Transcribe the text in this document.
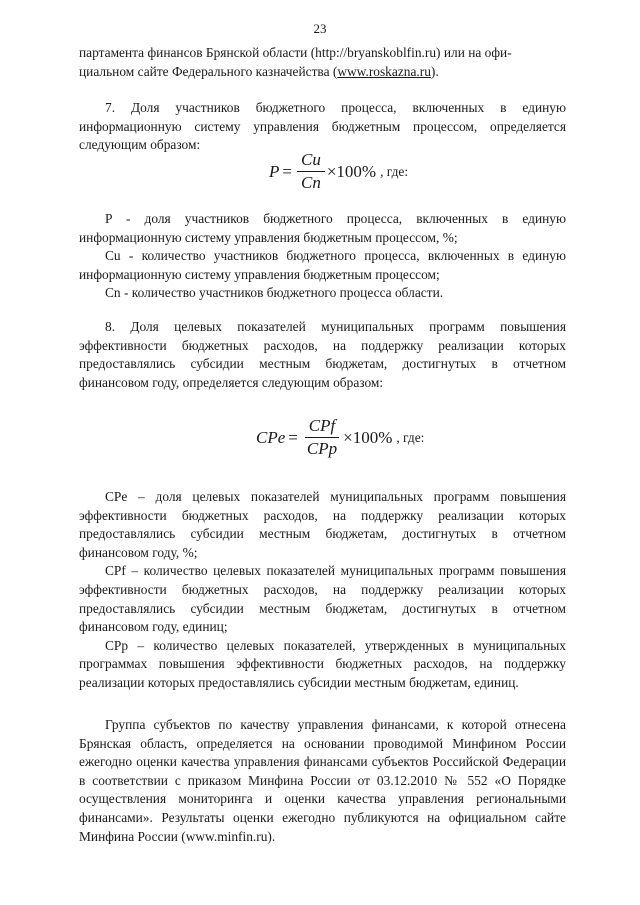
23

партамента финансов Брянской области (http://bryanskoblfin.ru) или на офи-

циальном сайте Федерального казначейства (www.roskazna.ru).

7. Доля участников бюджетного процесса, включенных в единую информационную систему управления бюджетным процессом, определяется следующим образом:

$P = \frac{Cu}{Cn} \times 100\%$ , где:

P - доля участников бюджетного процесса, включенных в единую информационную систему управления бюджетным процессом, %;

Cu - количество участников бюджетного процесса, включенных в единую информационную систему управления бюджетным процессом;

Cn - количество участников бюджетного процесса области.

8. Доля целевых показателей муниципальных программ повышения эффективности бюджетных расходов, на поддержку реализации которых предоставлялись субсидии местным бюджетам, достигнутых в отчетном финансовом году, определяется следующим образом:

CPe = $\frac{\text{CPf}}{\text{CPp}} \times 100\%$ , где:

CPe – доля целевых показателей муниципальных программ повышения эффективности бюджетных расходов, на поддержку реализации которых предоставлялись субсидии местным бюджетам, достигнутых в отчетном финансовом году, %;

CPf – количество целевых показателей муниципальных программ повышения эффективности бюджетных расходов, на поддержку реализации которых предоставлялись субсидии местным бюджетам, достигнутых в отчетном финансовом году, единиц;

CPp – количество целевых показателей, утвержденных в муниципальных программах повышения эффективности бюджетных расходов, на поддержку реализации которых предоставлялись субсидии местным бюджетам, единиц.

Группа субъектов по качеству управления финансами, к которой отнесена Брянская область, определяется на основании проводимой Минфином России ежегодно оценки качества управления финансами субъектов Российской Федерации в соответствии с приказом Минфина России от 03.12.2010 № 552 «О Порядке осуществления мониторинга и оценки качества управления региональными финансами». Результаты оценки ежегодно публикуются на официальном сайте Минфина России (www.minfin.ru).
